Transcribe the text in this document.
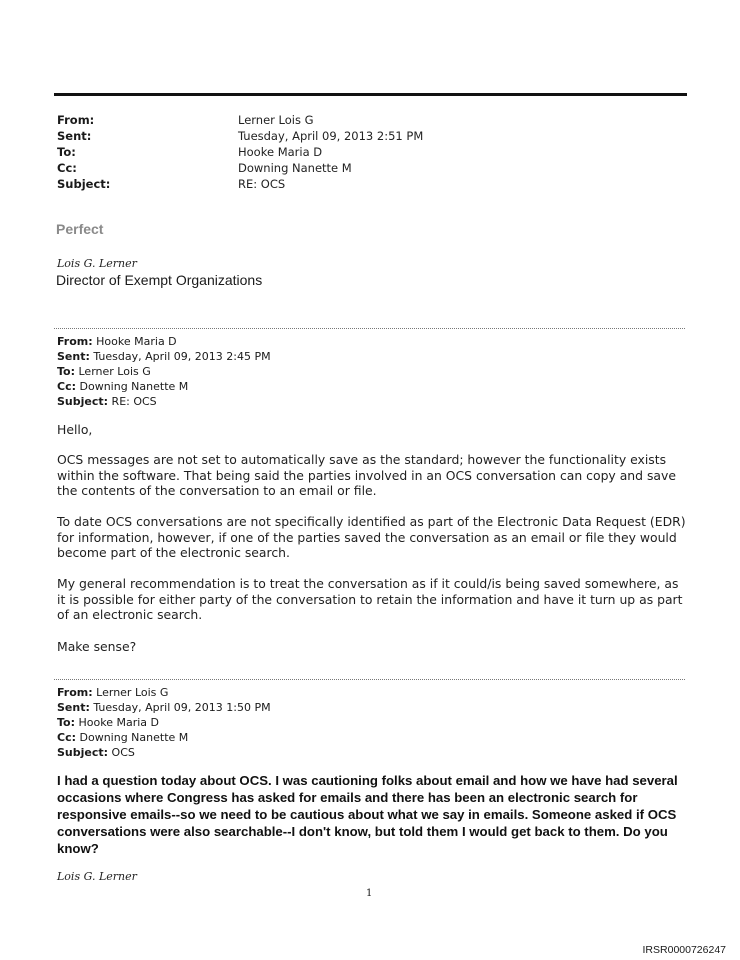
From:	Lerner Lois G
Sent:	Tuesday, April 09, 2013 2:51 PM
To:	Hooke Maria D
Cc:	Downing Nanette M
Subject:	RE: OCS
Perfect
Lois G. Lerner
Director of Exempt Organizations
From: Hooke Maria D
Sent: Tuesday, April 09, 2013 2:45 PM
To: Lerner Lois G
Cc: Downing Nanette M
Subject: RE: OCS
Hello,
OCS messages are not set to automatically save as the standard; however the functionality exists within the software. That being said the parties involved in an OCS conversation can copy and save the contents of the conversation to an email or file.
To date OCS conversations are not specifically identified as part of the Electronic Data Request (EDR) for information, however, if one of the parties saved the conversation as an email or file they would become part of the electronic search.
My general recommendation is to treat the conversation as if it could/is being saved somewhere, as it is possible for either party of the conversation to retain the information and have it turn up as part of an electronic search.
Make sense?
From: Lerner Lois G
Sent: Tuesday, April 09, 2013 1:50 PM
To: Hooke Maria D
Cc: Downing Nanette M
Subject: OCS
I had a question today about OCS. I was cautioning folks about email and how we have had several occasions where Congress has asked for emails and there has been an electronic search for responsive emails--so we need to be cautious about what we say in emails. Someone asked if OCS conversations were also searchable--I don't know, but told them I would get back to them. Do you know?
Lois G. Lerner
1
IRSR0000726247
